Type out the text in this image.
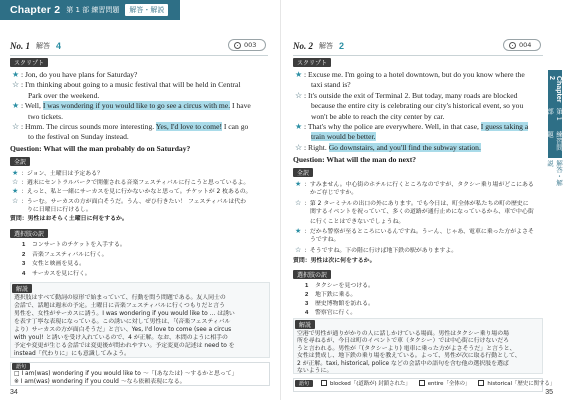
Chapter 2 第 1 部 練習問題	解答・解説
No. 1 解答 4	003
スクリプト
★ : Jon, do you have plans for Saturday?
☆ : I'm thinking about going to a music festival that will be held in Central
Park over the weekend.
★ : Well, I was wondering if you would like to go see a circus with me. I have
two tickets.
☆ : Hmm. The circus sounds more interesting. Yes, I'd love to come! I can go
to the festival on Sunday instead.
Question: What will the man probably do on Saturday?
全訳
★ ：ジョン、土曜日は予定ある？
☆ ：週末にセントラルパークで開催される音楽フェスティバルに行こうと思っているよ。
★ ：えっと、私と一緒にサーカスを見に行かないかなと思って。チケットが 2 枚あるの。
☆ ：うーむ。サーカスの方が面白そうだ。うん、ぜひ行きたい！ フェスティバルは代わ
りに日曜日に行けるし。
質問：男性はおそらく土曜日に何をするか。
選択肢の訳
1 コンサートのチケットを入手する。
2 音楽フェスティバルに行く。
3 女性と映画を見る。
4 サーカスを見に行く。
解説
選択肢はすべて動詞の原形で始まっていて、行動を問う問題である。友人同士の
会話で、話題は週末の予定。土曜日に音楽フェスティバルに行くつもりだと言う
男性を、女性がサーカスに誘う。I was wondering if you would like to ... は誘い
を表す丁寧な表現になっている。この誘いに対して男性は、「(音楽フェスティバル
より）サーカスの方が面白そうだ」と言い、Yes, I'd love to come (see a circus
with you)! と誘いを受け入れているので、4 が正解。なお、本問のように相手の
予定や変更が生じる会話では変更後が問われやすい。予定変更の記述は need to を
instead「代わりに」にも意識してみよう。
語句
□ I am(was) wondering if you would like to ～「(あなたは) ～するかと思って」
※ I am(was) wondering if you could ～なら依頼表現になる。
34
No. 2 解答 2	004
スクリプト
★ : Excuse me. I'm going to a hotel downtown, but do you know where the
taxi stand is?
☆ : It's outside the exit of Terminal 2. But today, many roads are blocked
because the entire city is celebrating our city's historical event, so you
won't be able to reach the city center by car.
★ : That's why the police are everywhere. Well, in that case, I guess taking a
train would be better.
☆ : Right. Go downstairs, and you'll find the subway station.
Question: What will the man do next?
全訳
★ ：すみません。中心街のホテルに行くところなのですが、タクシー乗り場がどこにある
かご存じですか。
☆ ：第 2 ターミナルの出口の外にあります。でも今日は、町全体が私たちの町の歴史に
関するイベントを祝っていて、多くの道路が通行止めになっているから、車で中心街
に行くことはできないでしょうね。
★ ：だから警察が至るところにいるんですね。うーん、じゃあ、電車に乗った方がよさそ
うですね。
☆ ：そうですね。下の階に行けば地下鉄の駅がありますよ。
質問：男性は次に何をするか。
選択肢の訳
1 タクシーを見つける。
2 地下鉄に乗る。
3 歴史博物館を訪れる。
4 警察官に行く。
解説
空港で男性が通りがかりの人に話しかけている場面。男性はタクシー乗り場の場
所を尋ねるが、今日は町のイベントで車（タクシー）では中心街に行けないだろ
うと言われる。男性が「(タクシーより) 電車に乗った方がよさそうだ」と言うと、
女性は賛成し、地下鉄の乗り場を教えている。よって、男性が次に取る行動として、
2 が正解。taxi, historical, police などの会話中の語句を含む他の選択肢を選ば
ないように。
語句	blocked「(道路が) 封鎖された」	entire「全体の」	historical「歴史に関する」
35
Chapter 2
第 1 部
練習問題
解答・解説
